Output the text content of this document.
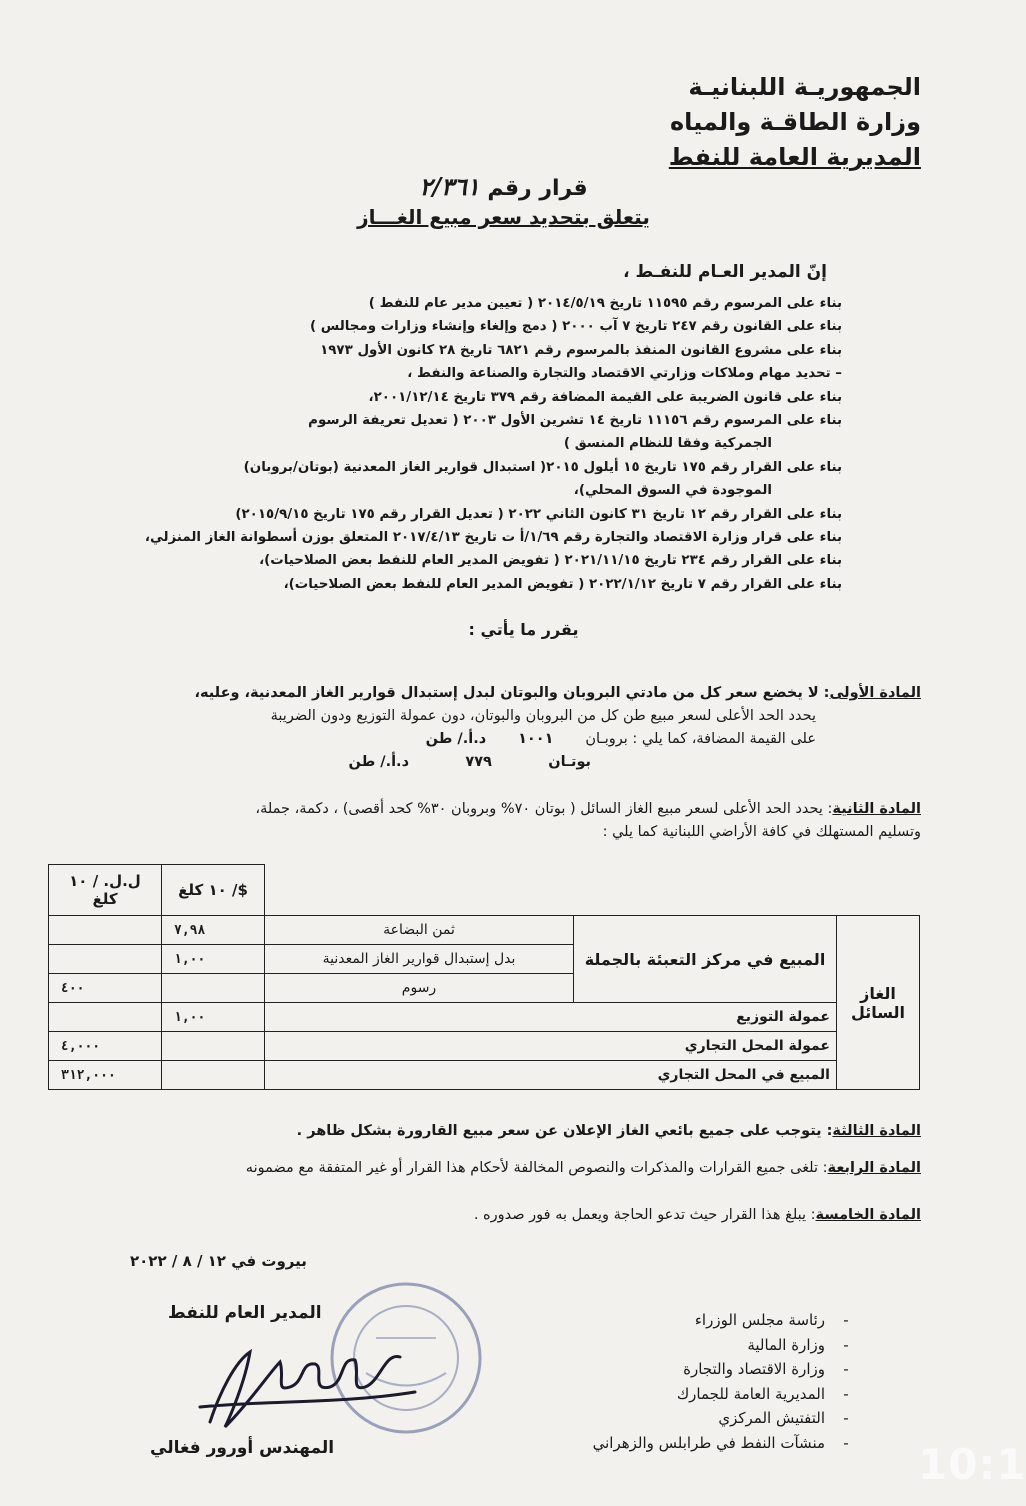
الجمهوريـة اللبنانيـة
وزارة الطاقـة والمياه
المديرية العامة للنفط
قرار رقم ٢/٣٦١
يتعلق بتحديد سعر مبيع الغـــاز
إنّ المدير العـام للنفـط ،
بناء على المرسوم رقم ١١٥٩٥ تاريخ ٢٠١٤/٥/١٩ ( تعيين مدير عام للنفط )
بناء على القانون رقم ٢٤٧ تاريخ ٧ آب ٢٠٠٠ ( دمج وإلغاء وإنشاء وزارات ومجالس )
بناء على مشروع القانون المنفذ بالمرسوم رقم ٦٨٢١ تاريخ ٢٨ كانون الأول ١٩٧٣
– تحديد مهام وملاكات وزارتي الاقتصاد والتجارة والصناعة والنفط ،
بناء على قانون الضريبة على القيمة المضافة رقم ٣٧٩ تاريخ ٢٠٠١/١٢/١٤،
بناء على المرسوم رقم ١١١٥٦ تاريخ ١٤ تشرين الأول ٢٠٠٣ ( تعديل تعريفة الرسوم
الجمركية وفقا للنظام المنسق )
بناء على القرار رقم ١٧٥ تاريخ ١٥ أيلول ٢٠١٥( استبدال قوارير الغاز المعدنية (بوتان/بروبان)
الموجودة في السوق المحلي)،
بناء على القرار رقم ١٢ تاريخ ٣١ كانون الثاني ٢٠٢٢ ( تعديل القرار رقم ١٧٥ تاريخ ٢٠١٥/٩/١٥)
بناء على قرار وزارة الاقتصاد والتجارة رقم ١/٦٩/أ ت تاريخ ٢٠١٧/٤/١٣ المتعلق بوزن أسطوانة الغاز المنزلي،
بناء على القرار رقم ٢٣٤ تاريخ ٢٠٢١/١١/١٥ ( تفويض المدير العام للنفط بعض الصلاحيات)،
بناء على القرار رقم ٧ تاريخ ٢٠٢٢/١/١٢ ( تفويض المدير العام للنفط بعض الصلاحيات)،
يقرر ما يأتي :
المادة الأولى: لا يخضع سعر كل من مادتي البروبان والبوتان لبدل إستبدال قوارير الغاز المعدنية، وعليه،
يحدد الحد الأعلى لسعر مبيع طن كل من البروبان والبوتان، دون عمولة التوزيع ودون الضريبة
على القيمة المضافة، كما يلي : بروبـان ١٠٠١ د.أ./ طن
بوتـان ٧٧٩ د.أ./ طن
المادة الثانية: يحدد الحد الأعلى لسعر مبيع الغاز السائل ( بوتان ٧٠% وبروبان ٣٠% كحد أقصى) ، دكمة، جملة،
وتسليم المستهلك في كافة الأراضي اللبنانية كما يلي :
			$/ ١٠ كلغ	ل.ل. / ١٠ كلغ
الغاز السائل	المبيع في مركز التعبئة بالجملة	ثمن البضاعة	٧,٩٨	
		بدل إستبدال قوارير الغاز المعدنية	١,٠٠	
		رسوم		٤٠٠
	عمولة التوزيع		١,٠٠	
	عمولة المحل التجاري			٤,٠٠٠
	المبيع في المحل التجاري			٣١٢,٠٠٠
المادة الثالثة: يتوجب على جميع بائعي الغاز الإعلان عن سعر مبيع القارورة بشكل ظاهر .
المادة الرابعة: تلغى جميع القرارات والمذكرات والنصوص المخالفة لأحكام هذا القرار أو غير المتفقة مع مضمونه
المادة الخامسة: يبلغ هذا القرار حيث تدعو الحاجة ويعمل به فور صدوره .
بيروت في ١٢ / ٨ / ٢٠٢٢
المدير العام للنفط
المهندس أورور فغالي
- رئاسة مجلس الوزراء
- وزارة المالية
- وزارة الاقتصاد والتجارة
- المديرية العامة للجمارك
- التفتيش المركزي
- منشآت النفط في طرابلس والزهراني	10:1
